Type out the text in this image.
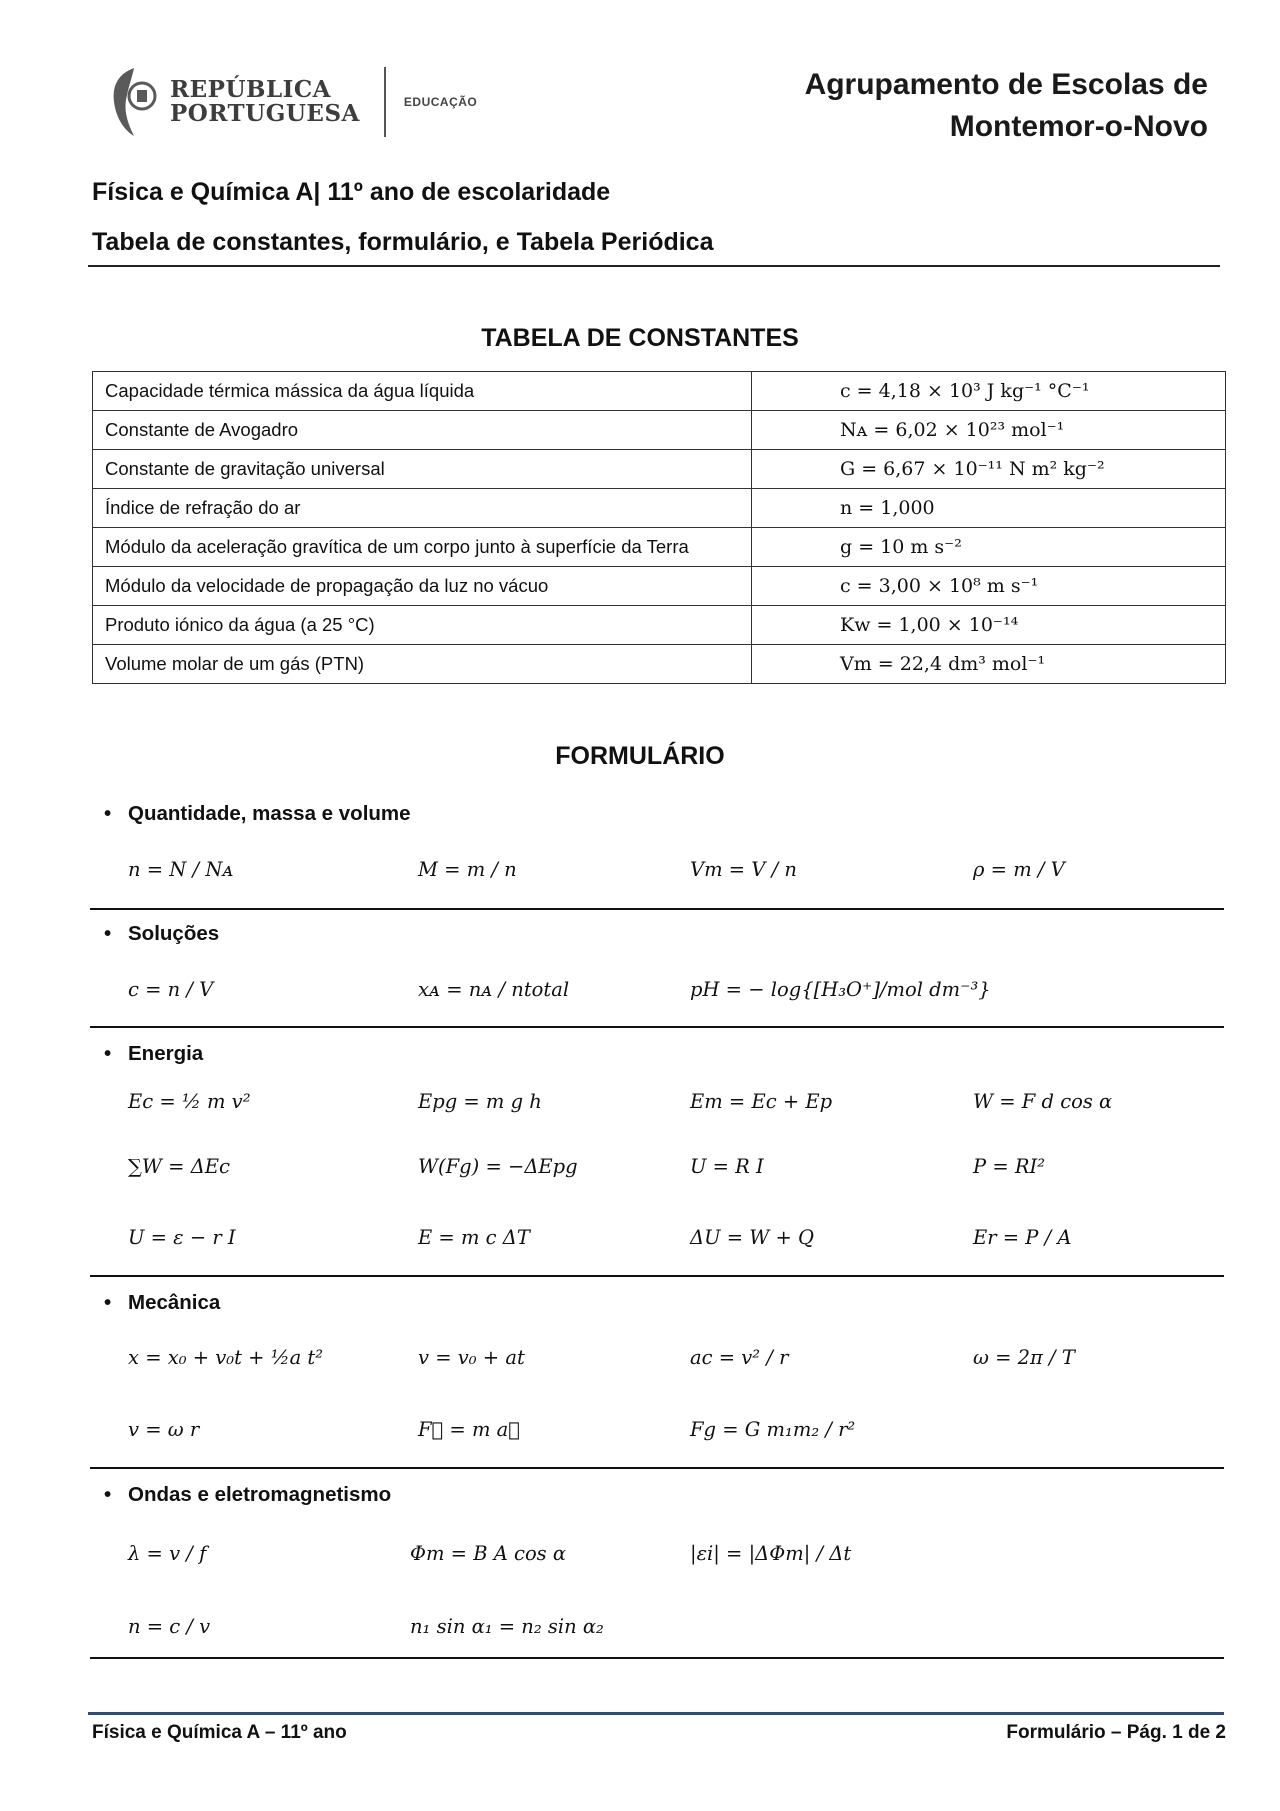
REPÚBLICA
PORTUGUESA	EDUCAÇÃO
Agrupamento de Escolas de
Montemor-o-Novo
Física e Química A| 11º ano de escolaridade
Tabela de constantes, formulário, e Tabela Periódica
TABELA DE CONSTANTES
Capacidade térmica mássica da água líquida	c = 4,18 × 10³ J kg⁻¹ °C⁻¹
Constante de Avogadro	Nᴀ = 6,02 × 10²³ mol⁻¹
Constante de gravitação universal	G = 6,67 × 10⁻¹¹ N m² kg⁻²
Índice de refração do ar	n = 1,000
Módulo da aceleração gravítica de um corpo junto à superfície da Terra	g = 10 m s⁻²
Módulo da velocidade de propagação da luz no vácuo	c = 3,00 × 10⁸ m s⁻¹
Produto iónico da água (a 25 °C)	Kw = 1,00 × 10⁻¹⁴
Volume molar de um gás (PTN)	Vm = 22,4 dm³ mol⁻¹
FORMULÁRIO
• Quantidade, massa e volume
n = N / Nᴀ	M = m / n	Vm = V / n	ρ = m / V
• Soluções
c = n / V	xᴀ = nᴀ / ntotal	pH = − log{[H₃O⁺]/mol dm⁻³}
• Energia
Ec = ½ m v²	Epg = m g h	Em = Ec + Ep	W = F d cos α
∑W = ΔEc	W(Fg) = −ΔEpg	U = R I	P = RI²
U = ε − r I	E = m c ΔT	ΔU = W + Q	Er = P / A
• Mecânica
x = x₀ + v₀t + ½a t²	v = v₀ + at	ac = v² / r	ω = 2π / T
v = ω r	F⃗ = m a⃗	Fg = G m₁m₂ / r²
• Ondas e eletromagnetismo
λ = v / f	Φm = B A cos α	|εi| = |ΔΦm| / Δt
n = c / v	n₁ sin α₁ = n₂ sin α₂
Física e Química A – 11º ano	Formulário – Pág. 1 de 2
